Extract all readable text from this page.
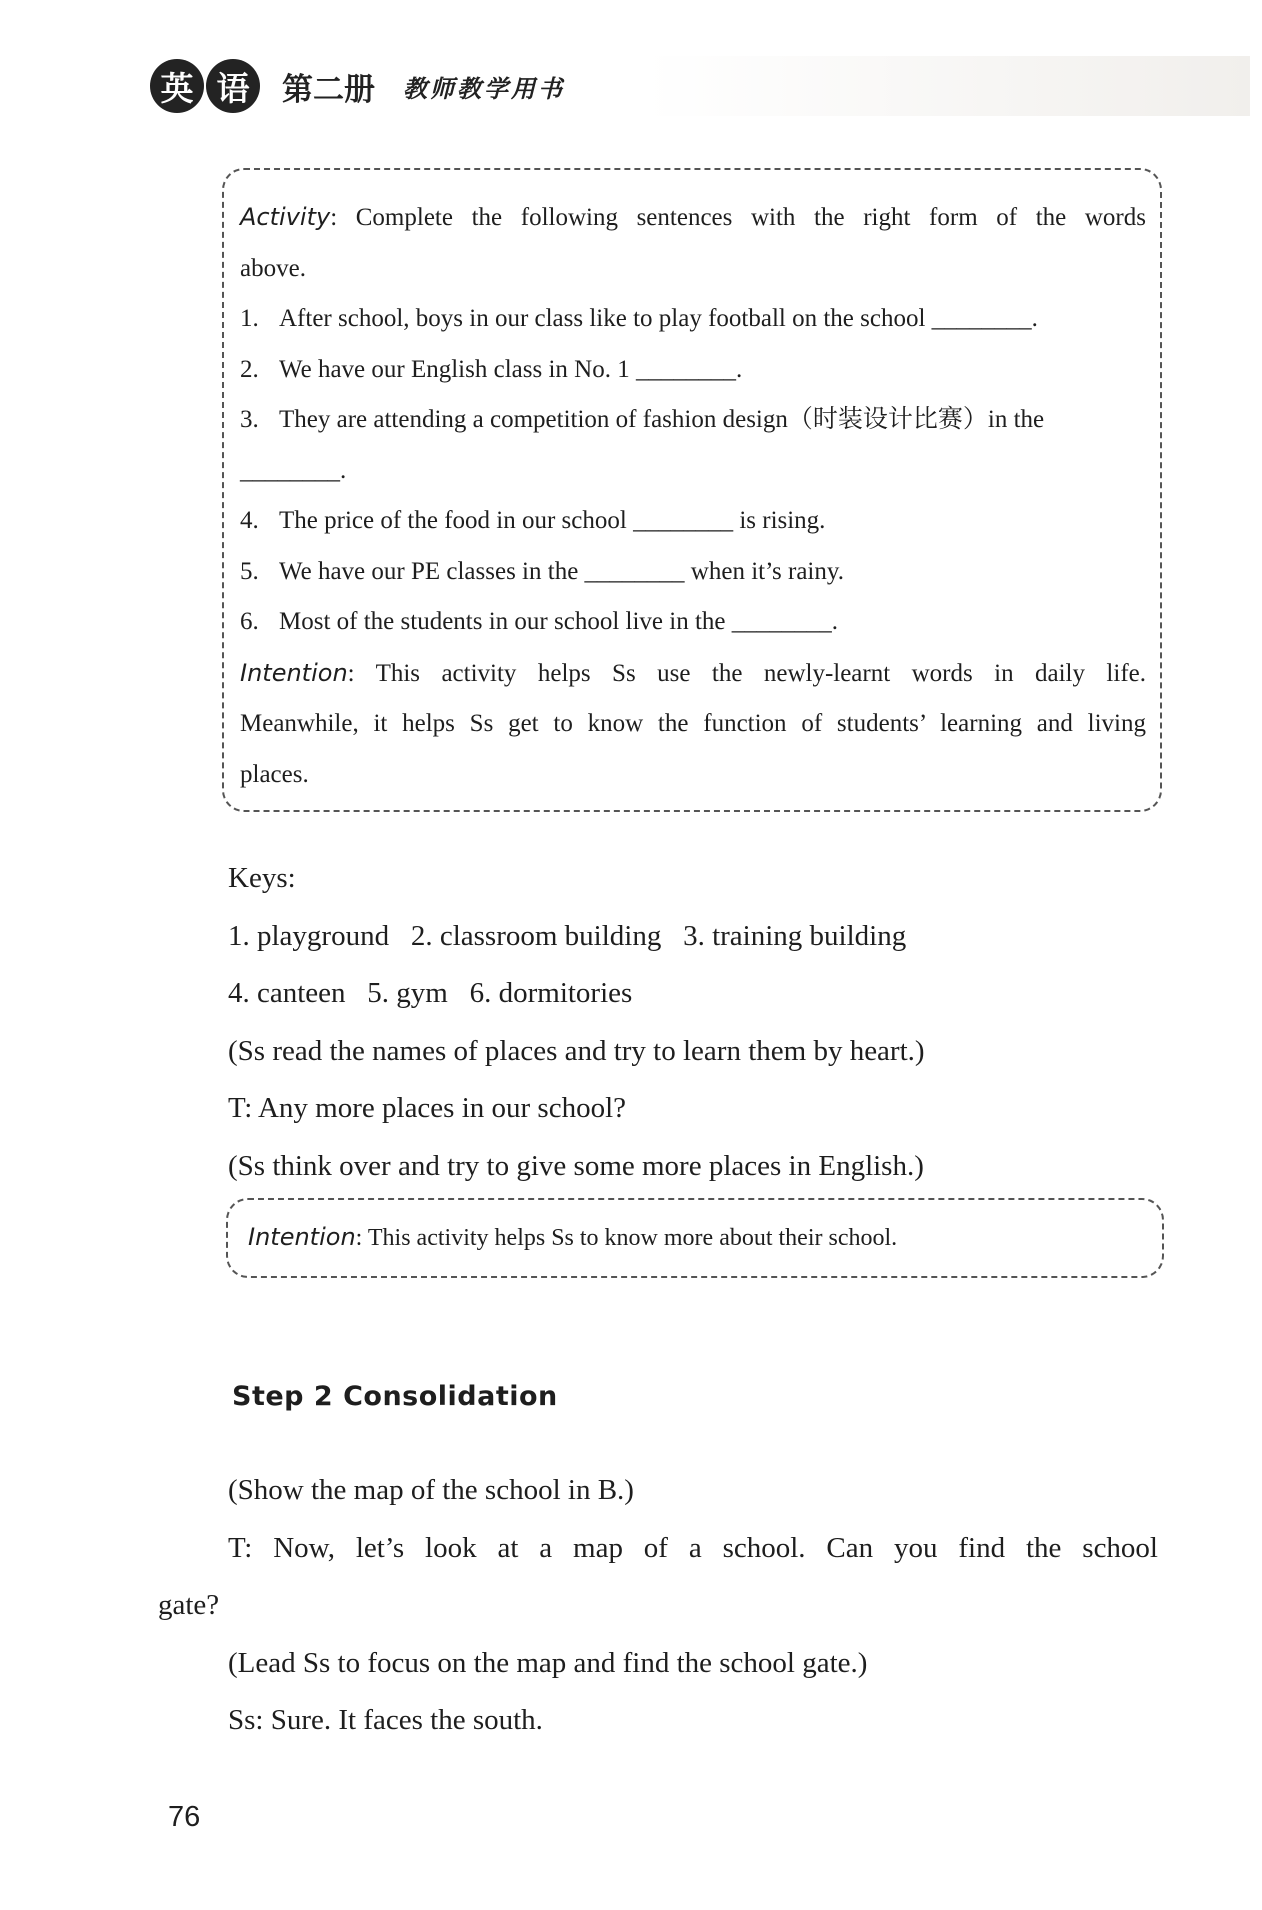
英 语	第二册 教师教学用书
Activity: Complete the following sentences with the right form of the words
above.
1. After school, boys in our class like to play football on the school ________.
2. We have our English class in No. 1 ________.
3. They are attending a competition of fashion design（时装设计比赛）in the
________.
4. The price of the food in our school ________ is rising.
5. We have our PE classes in the ________ when it’s rainy.
6. Most of the students in our school live in the ________.
Intention: This activity helps Ss use the newly-learnt words in daily life.
Meanwhile, it helps Ss get to know the function of students’ learning and living
places.
Keys:
1. playground   2. classroom building   3. training building
4. canteen   5. gym   6. dormitories
(Ss read the names of places and try to learn them by heart.)
T: Any more places in our school?
(Ss think over and try to give some more places in English.)
Intention: This activity helps Ss to know more about their school.
Step 2 Consolidation
(Show the map of the school in B.)
T: Now, let’s look at a map of a school. Can you find the school
gate?
(Lead Ss to focus on the map and find the school gate.)
Ss: Sure. It faces the south.
76
